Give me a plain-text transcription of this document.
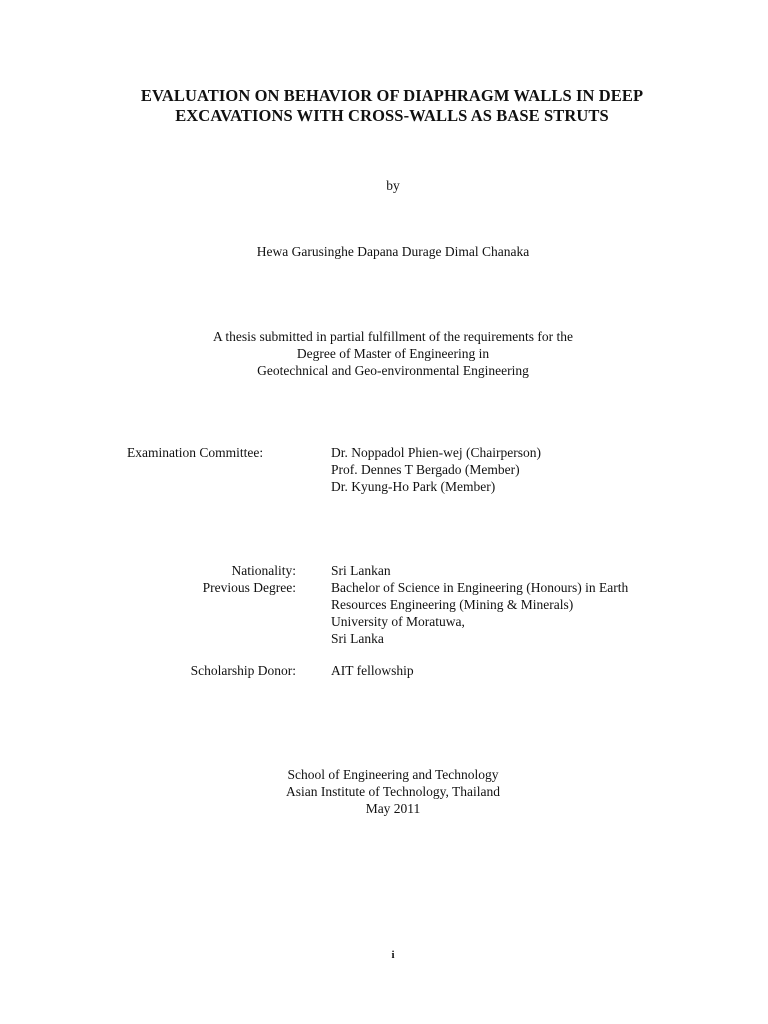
EVALUATION ON BEHAVIOR OF DIAPHRAGM WALLS IN DEEP
EXCAVATIONS WITH CROSS-WALLS AS BASE STRUTS
by
Hewa Garusinghe Dapana Durage Dimal Chanaka
A thesis submitted in partial fulfillment of the requirements for the
Degree of Master of Engineering in
Geotechnical and Geo-environmental Engineering
Examination Committee:	Dr. Noppadol Phien-wej (Chairperson)
Prof. Dennes T Bergado (Member)
Dr. Kyung-Ho Park (Member)
Nationality:	Sri Lankan
Previous Degree:	Bachelor of Science in Engineering (Honours) in Earth
Resources Engineering (Mining & Minerals)
University of Moratuwa,
Sri Lanka
Scholarship Donor:	AIT fellowship
School of Engineering and Technology
Asian Institute of Technology, Thailand
May 2011
i
